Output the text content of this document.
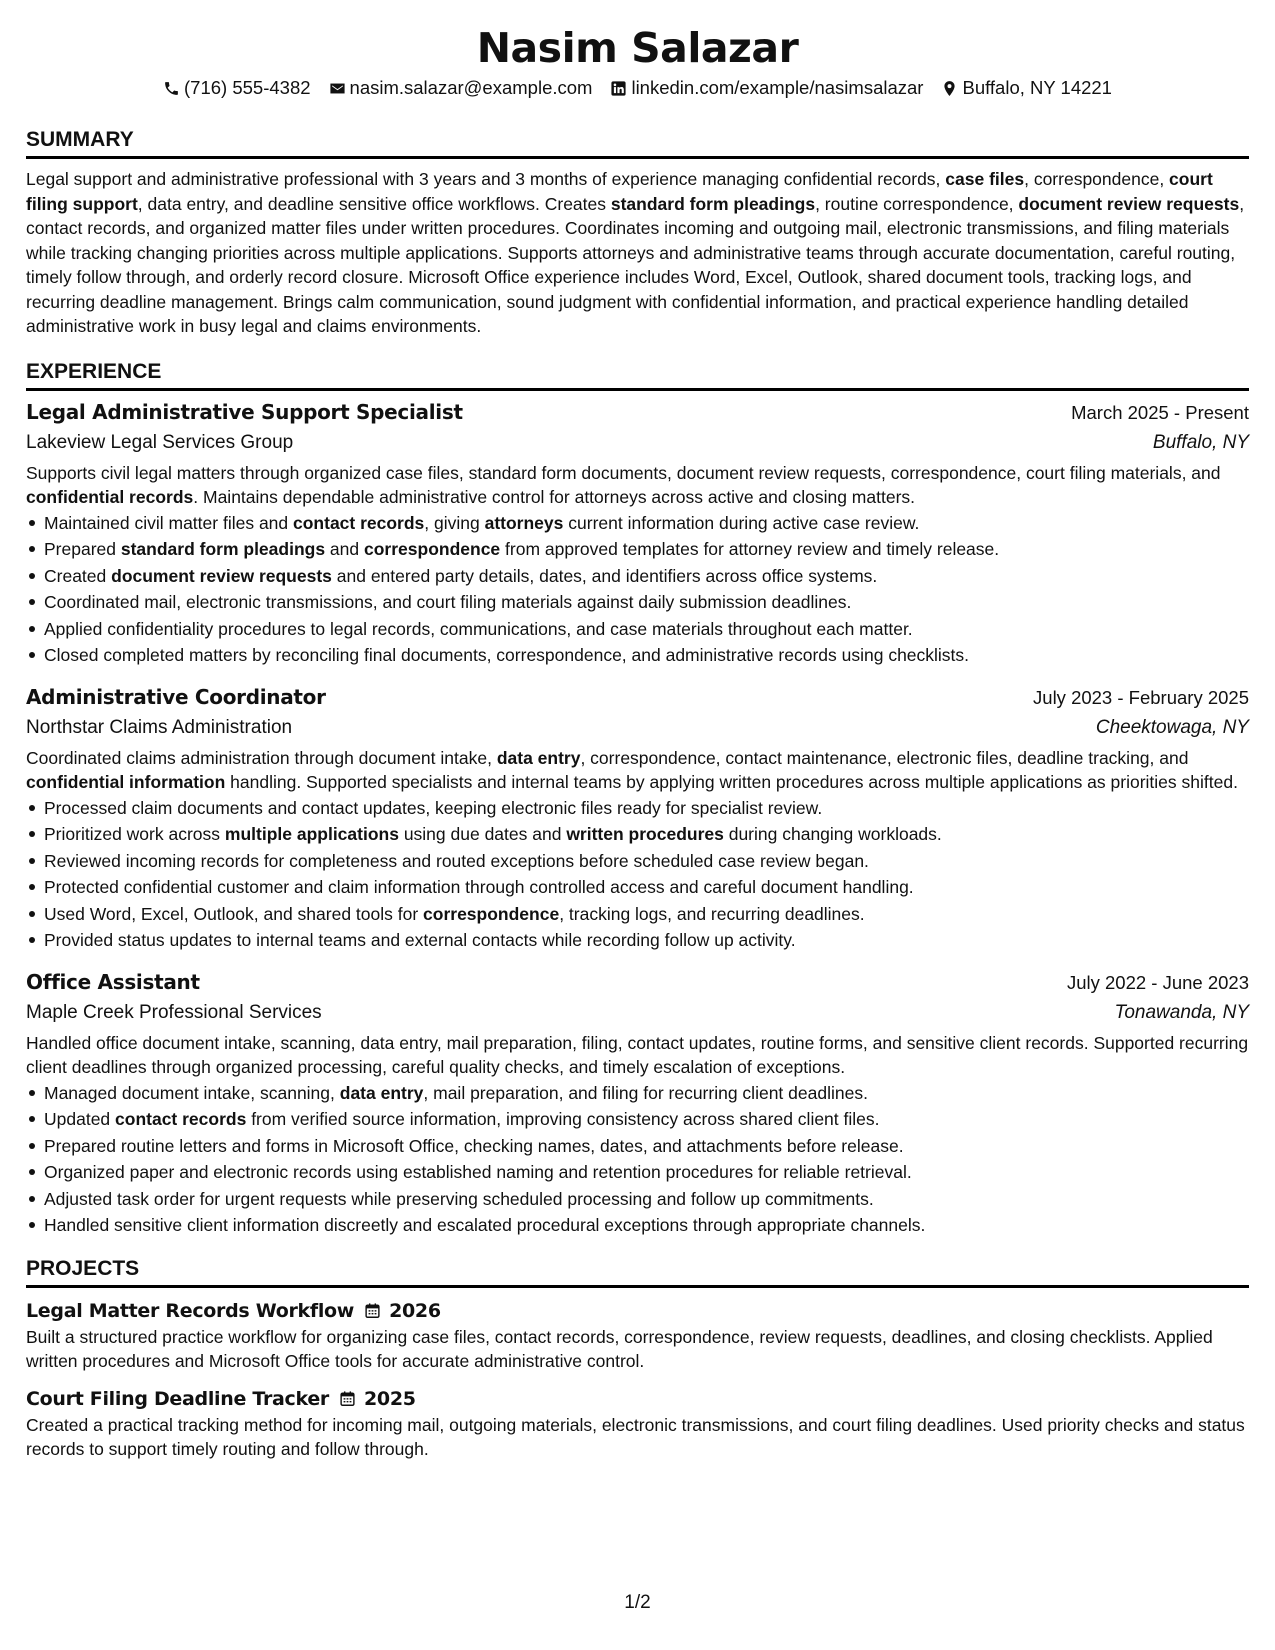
Nasim Salazar
(716) 555-4382 nasim.salazar@example.com linkedin.com/example/nasimsalazar Buffalo, NY 14221
SUMMARY

Legal support and administrative professional with 3 years and 3 months of experience managing confidential records, case files, correspondence, court filing support, data entry, and deadline sensitive office workflows. Creates standard form pleadings, routine correspondence, document review requests, contact records, and organized matter files under written procedures. Coordinates incoming and outgoing mail, electronic transmissions, and filing materials while tracking changing priorities across multiple applications. Supports attorneys and administrative teams through accurate documentation, careful routing, timely follow through, and orderly record closure. Microsoft Office experience includes Word, Excel, Outlook, shared document tools, tracking logs, and recurring deadline management. Brings calm communication, sound judgment with confidential information, and practical experience handling detailed administrative work in busy legal and claims environments.

EXPERIENCE
Legal Administrative Support Specialist	March 2025 - Present
Lakeview Legal Services Group	Buffalo, NY

Supports civil legal matters through organized case files, standard form documents, document review requests, correspondence, court filing materials, and confidential records. Maintains dependable administrative control for attorneys across active and closing matters.

Maintained civil matter files and contact records, giving attorneys current information during active case review.
Prepared standard form pleadings and correspondence from approved templates for attorney review and timely release.
Created document review requests and entered party details, dates, and identifiers across office systems.
Coordinated mail, electronic transmissions, and court filing materials against daily submission deadlines.
Applied confidentiality procedures to legal records, communications, and case materials throughout each matter.
Closed completed matters by reconciling final documents, correspondence, and administrative records using checklists.
Administrative Coordinator	July 2023 - February 2025
Northstar Claims Administration	Cheektowaga, NY

Coordinated claims administration through document intake, data entry, correspondence, contact maintenance, electronic files, deadline tracking, and confidential information handling. Supported specialists and internal teams by applying written procedures across multiple applications as priorities shifted.

Processed claim documents and contact updates, keeping electronic files ready for specialist review.
Prioritized work across multiple applications using due dates and written procedures during changing workloads.
Reviewed incoming records for completeness and routed exceptions before scheduled case review began.
Protected confidential customer and claim information through controlled access and careful document handling.
Used Word, Excel, Outlook, and shared tools for correspondence, tracking logs, and recurring deadlines.
Provided status updates to internal teams and external contacts while recording follow up activity.
Office Assistant	July 2022 - June 2023
Maple Creek Professional Services	Tonawanda, NY

Handled office document intake, scanning, data entry, mail preparation, filing, contact updates, routine forms, and sensitive client records. Supported recurring client deadlines through organized processing, careful quality checks, and timely escalation of exceptions.

Managed document intake, scanning, data entry, mail preparation, and filing for recurring client deadlines.
Updated contact records from verified source information, improving consistency across shared client files.
Prepared routine letters and forms in Microsoft Office, checking names, dates, and attachments before release.
Organized paper and electronic records using established naming and retention procedures for reliable retrieval.
Adjusted task order for urgent requests while preserving scheduled processing and follow up commitments.
Handled sensitive client information discreetly and escalated procedural exceptions through appropriate channels.
PROJECTS
Legal Matter Records Workflow 2026

Built a structured practice workflow for organizing case files, contact records, correspondence, review requests, deadlines, and closing checklists. Applied written procedures and Microsoft Office tools for accurate administrative control.

Court Filing Deadline Tracker 2025

Created a practical tracking method for incoming mail, outgoing materials, electronic transmissions, and court filing deadlines. Used priority checks and status records to support timely routing and follow through.

1/2
